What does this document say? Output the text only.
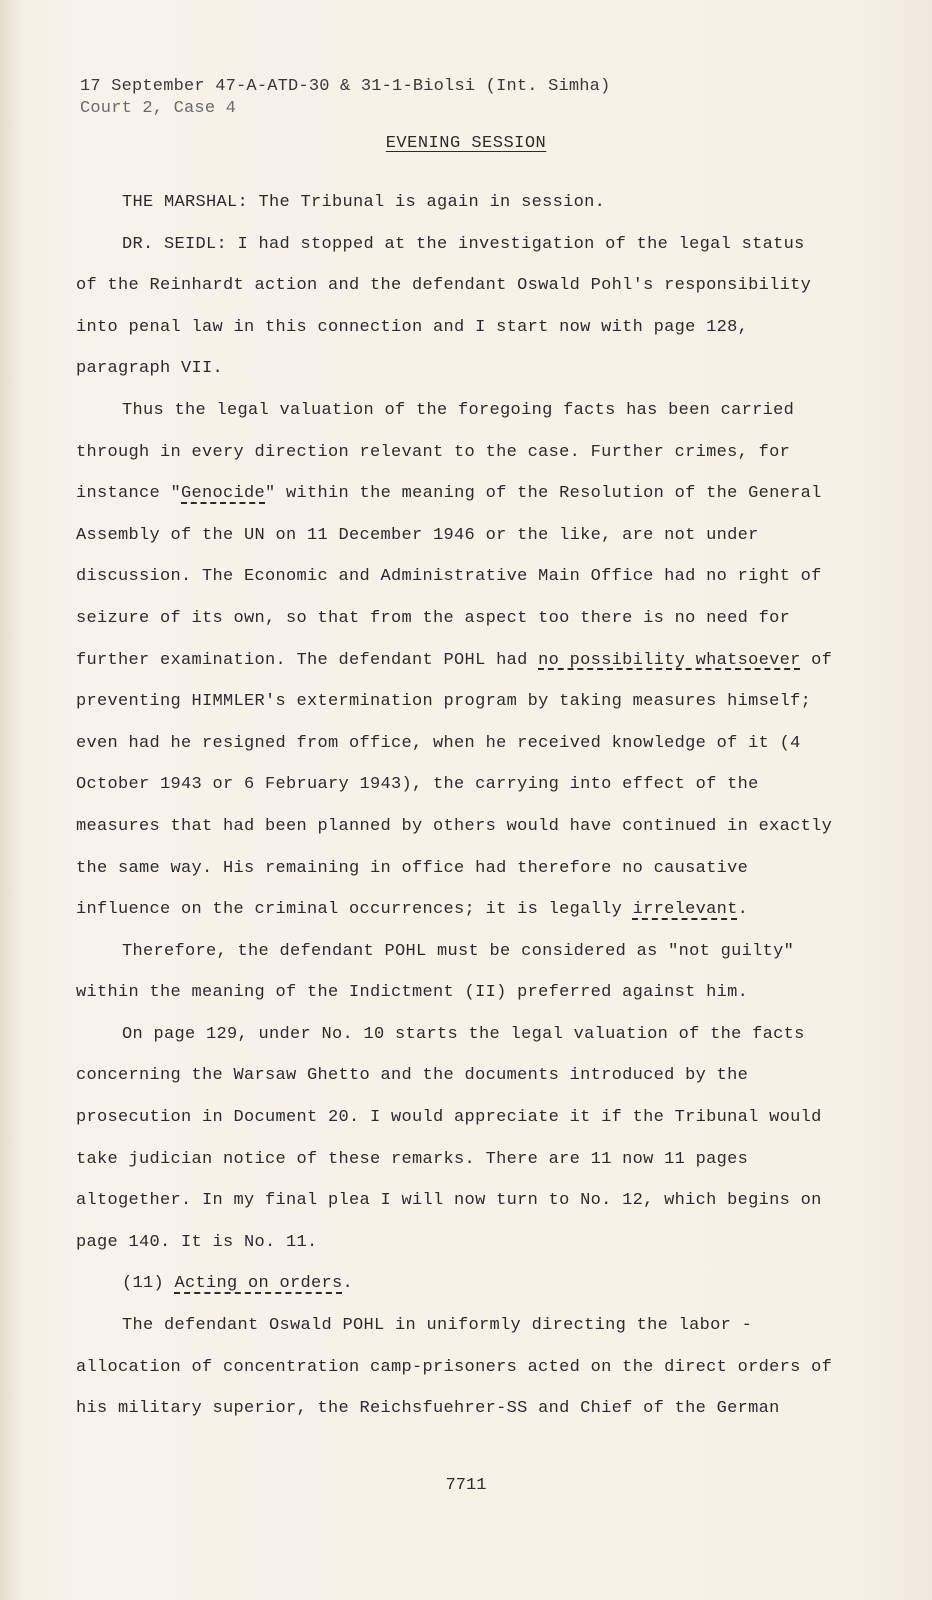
17 September 47-A-ATD-30 & 31-1-Biolsi (Int. Simha)
Court 2, Case 4
EVENING SESSION

THE MARSHAL: The Tribunal is again in session.

DR. SEIDL: I had stopped at the investigation of the legal status of the Reinhardt action and the defendant Oswald Pohl's responsibility into penal law in this connection and I start now with page 128, paragraph VII.

Thus the legal valuation of the foregoing facts has been carried through in every direction relevant to the case. Further crimes, for instance "Genocide" within the meaning of the Resolution of the General Assembly of the UN on 11 December 1946 or the like, are not under discussion. The Economic and Administrative Main Office had no right of seizure of its own, so that from the aspect too there is no need for further examination. The defendant POHL had no possibility whatsoever of preventing HIMMLER's extermination program by taking measures himself; even had he resigned from office, when he received knowledge of it (4 October 1943 or 6 February 1943), the carrying into effect of the measures that had been planned by others would have continued in exactly the same way. His remaining in office had therefore no causative influence on the criminal occurrences; it is legally irrelevant.

Therefore, the defendant POHL must be considered as "not guilty" within the meaning of the Indictment (II) preferred against him.

On page 129, under No. 10 starts the legal valuation of the facts concerning the Warsaw Ghetto and the documents introduced by the prosecution in Document 20. I would appreciate it if the Tribunal would take judician notice of these remarks. There are 11 now 11 pages altogether. In my final plea I will now turn to No. 12, which begins on page 140. It is No. 11.

(11) Acting on orders.

The defendant Oswald POHL in uniformly directing the labor - allocation of concentration camp-prisoners acted on the direct orders of his military superior, the Reichsfuehrer-SS and Chief of the German

7711
